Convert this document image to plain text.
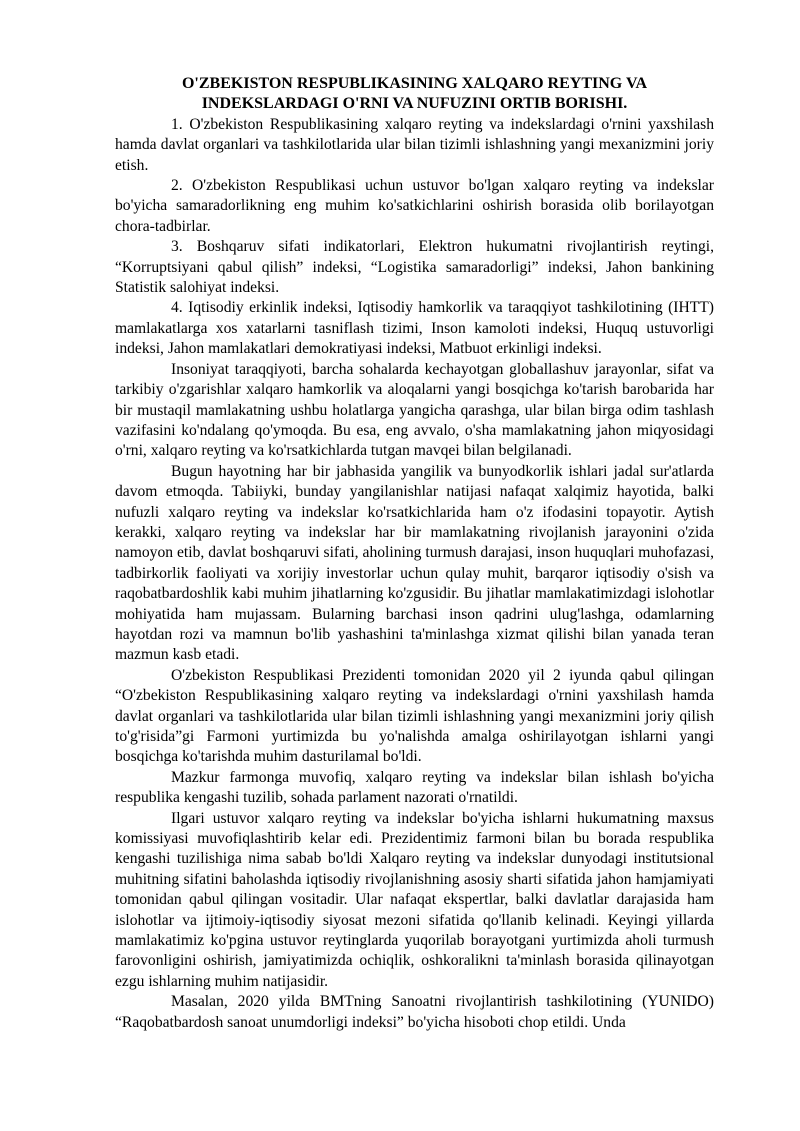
O'ZBEKISTON RESPUBLIKASINING XALQARO REYTING VA
INDEKSLARDAGI O'RNI VA NUFUZINI ORTIB BORISHI.

1. O'zbekiston Respublikasining xalqaro reyting va indekslardagi o'rnini yaxshilash hamda davlat organlari va tashkilotlarida ular bilan tizimli ishlashning yangi mexanizmini joriy etish.

2. O'zbekiston Respublikasi uchun ustuvor bo'lgan xalqaro reyting va indekslar bo'yicha samaradorlikning eng muhim ko'satkichlarini oshirish borasida olib borilayotgan chora-tadbirlar.

3. Boshqaruv sifati indikatorlari, Elektron hukumatni rivojlantirish reytingi, “Korruptsiyani qabul qilish” indeksi, “Logistika samaradorligi” indeksi, Jahon bankining Statistik salohiyat indeksi.

4. Iqtisodiy erkinlik indeksi, Iqtisodiy hamkorlik va taraqqiyot tashkilotining (IHTT) mamlakatlarga xos xatarlarni tasniflash tizimi, Inson kamoloti indeksi, Huquq ustuvorligi indeksi, Jahon mamlakatlari demokratiyasi indeksi, Matbuot erkinligi indeksi.

Insoniyat taraqqiyoti, barcha sohalarda kechayotgan globallashuv jarayonlar, sifat va tarkibiy o'zgarishlar xalqaro hamkorlik va aloqalarni yangi bosqichga ko'tarish barobarida har bir mustaqil mamlakatning ushbu holatlarga yangicha qarashga, ular bilan birga odim tashlash vazifasini ko'ndalang qo'ymoqda. Bu esa, eng avvalo, o'sha mamlakatning jahon miqyosidagi o'rni, xalqaro reyting va ko'rsatkichlarda tutgan mavqei bilan belgilanadi.

Bugun hayotning har bir jabhasida yangilik va bunyodkorlik ishlari jadal sur'atlarda davom etmoqda. Tabiiyki, bunday yangilanishlar natijasi nafaqat xalqimiz hayotida, balki nufuzli xalqaro reyting va indekslar ko'rsatkichlarida ham o'z ifodasini topayotir. Aytish kerakki, xalqaro reyting va indekslar har bir mamlakatning rivojlanish jarayonini o'zida namoyon etib, davlat boshqaruvi sifati, aholining turmush darajasi, inson huquqlari muhofazasi, tadbirkorlik faoliyati va xorijiy investorlar uchun qulay muhit, barqaror iqtisodiy o'sish va raqobatbardoshlik kabi muhim jihatlarning ko'zgusidir. Bu jihatlar mamlakatimizdagi islohotlar mohiyatida ham mujassam. Bularning barchasi inson qadrini ulug'lashga, odamlarning hayotdan rozi va mamnun bo'lib yashashini ta'minlashga xizmat qilishi bilan yanada teran mazmun kasb etadi.

O'zbekiston Respublikasi Prezidenti tomonidan 2020 yil 2 iyunda qabul qilingan “O'zbekiston Respublikasining xalqaro reyting va indekslardagi o'rnini yaxshilash hamda davlat organlari va tashkilotlarida ular bilan tizimli ishlashning yangi mexanizmini joriy qilish to'g'risida”gi Farmoni yurtimizda bu yo'nalishda amalga oshirilayotgan ishlarni yangi bosqichga ko'tarishda muhim dasturilamal bo'ldi.

Mazkur farmonga muvofiq, xalqaro reyting va indekslar bilan ishlash bo'yicha respublika kengashi tuzilib, sohada parlament nazorati o'rnatildi.

Ilgari ustuvor xalqaro reyting va indekslar bo'yicha ishlarni hukumatning maxsus komissiyasi muvofiqlashtirib kelar edi. Prezidentimiz farmoni bilan bu borada respublika kengashi tuzilishiga nima sabab bo'ldi Xalqaro reyting va indekslar dunyodagi institutsional muhitning sifatini baholashda iqtisodiy rivojlanishning asosiy sharti sifatida jahon hamjamiyati tomonidan qabul qilingan vositadir. Ular nafaqat ekspertlar, balki davlatlar darajasida ham islohotlar va ijtimoiy-iqtisodiy siyosat mezoni sifatida qo'llanib kelinadi. Keyingi yillarda mamlakatimiz ko'pgina ustuvor reytinglarda yuqorilab borayotgani yurtimizda aholi turmush farovonligini oshirish, jamiyatimizda ochiqlik, oshkoralikni ta'minlash borasida qilinayotgan ezgu ishlarning muhim natijasidir.

Masalan, 2020 yilda BMTning Sanoatni rivojlantirish tashkilotining (YUNIDO) “Raqobatbardosh sanoat unumdorligi indeksi” bo'yicha hisoboti chop etildi. Unda
